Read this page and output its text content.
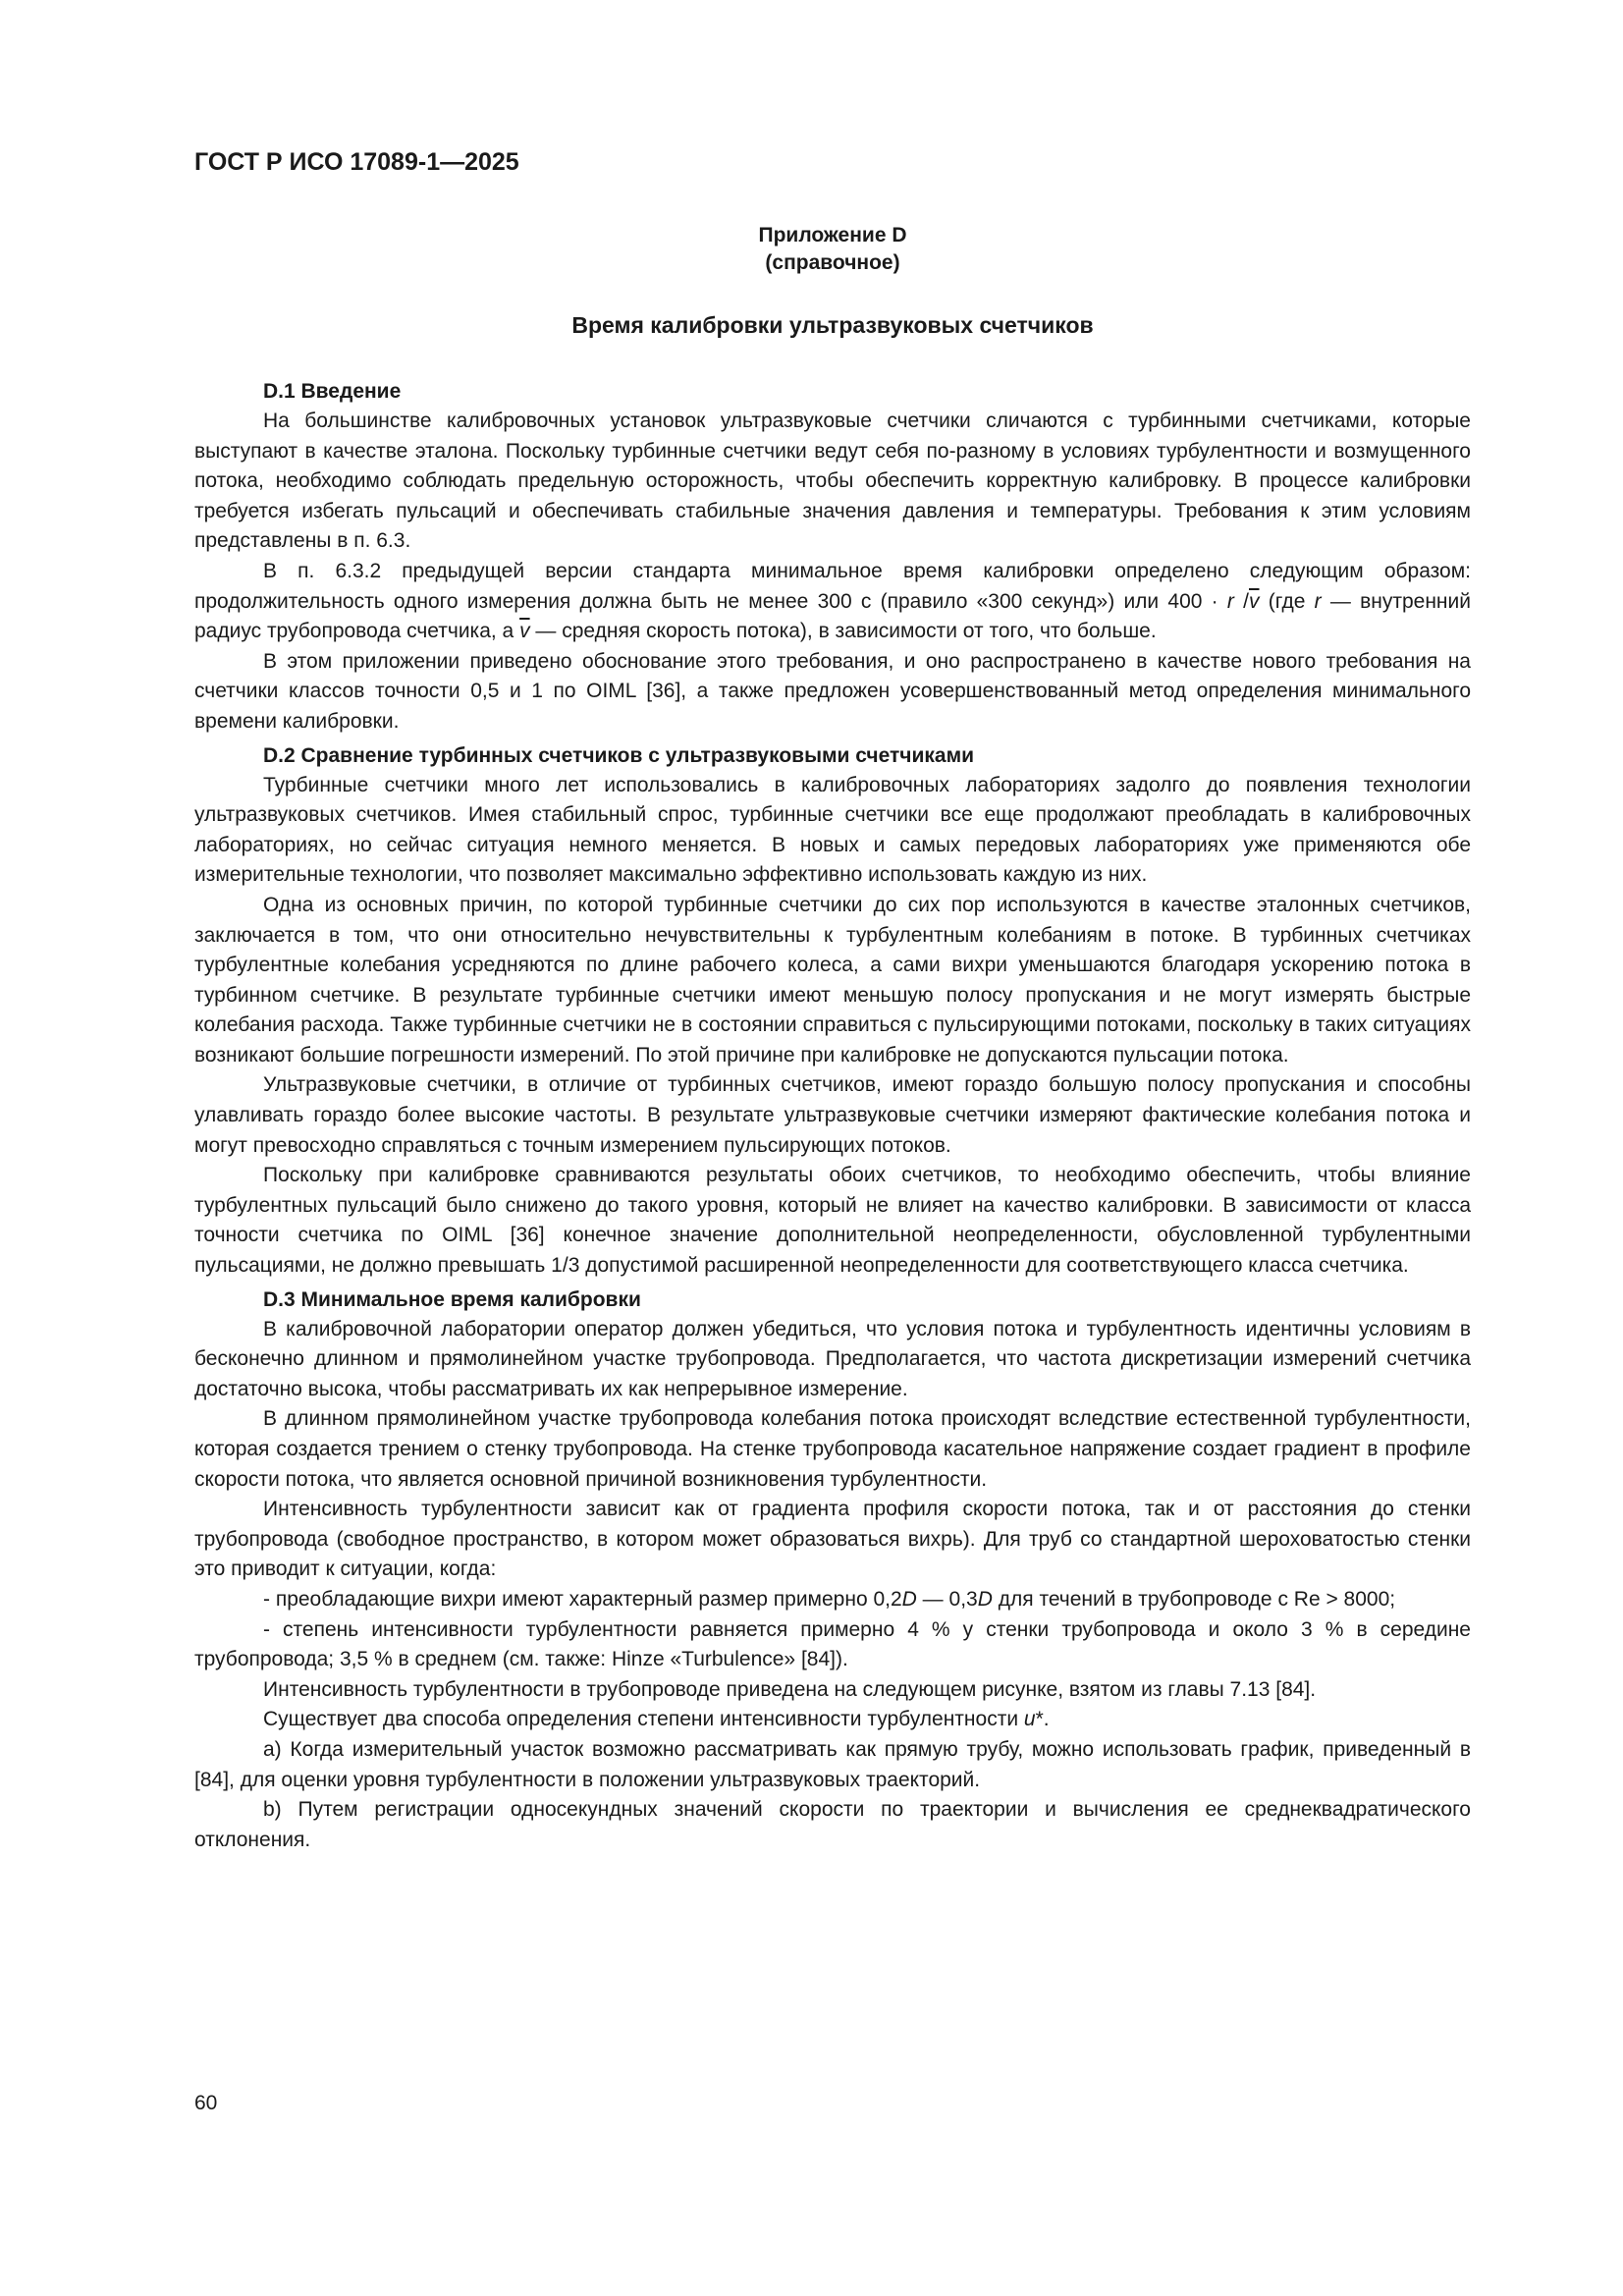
ГОСТ Р ИСО 17089-1—2025
Приложение D
(справочное)
Время калибровки ультразвуковых счетчиков
D.1 Введение

На большинстве калибровочных установок ультразвуковые счетчики сличаются с турбинными счетчиками, которые выступают в качестве эталона. Поскольку турбинные счетчики ведут себя по-разному в условиях турбулентности и возмущенного потока, необходимо соблюдать предельную осторожность, чтобы обеспечить корректную калибровку. В процессе калибровки требуется избегать пульсаций и обеспечивать стабильные значения давления и температуры. Требования к этим условиям представлены в п. 6.3.

В п. 6.3.2 предыдущей версии стандарта минимальное время калибровки определено следующим образом: продолжительность одного измерения должна быть не менее 300 с (правило «300 секунд») или 400 · r $/\overline{v}$ (где r — внутренний радиус трубопровода счетчика, а $\overline{v}$ — средняя скорость потока), в зависимости от того, что больше.

В этом приложении приведено обоснование этого требования, и оно распространено в качестве нового требования на счетчики классов точности 0,5 и 1 по OIML [36], а также предложен усовершенствованный метод определения минимального времени калибровки.

D.2 Сравнение турбинных счетчиков с ультразвуковыми счетчиками

Турбинные счетчики много лет использовались в калибровочных лабораториях задолго до появления технологии ультразвуковых счетчиков. Имея стабильный спрос, турбинные счетчики все еще продолжают преобладать в калибровочных лабораториях, но сейчас ситуация немного меняется. В новых и самых передовых лабораториях уже применяются обе измерительные технологии, что позволяет максимально эффективно использовать каждую из них.

Одна из основных причин, по которой турбинные счетчики до сих пор используются в качестве эталонных счетчиков, заключается в том, что они относительно нечувствительны к турбулентным колебаниям в потоке. В турбинных счетчиках турбулентные колебания усредняются по длине рабочего колеса, а сами вихри уменьшаются благодаря ускорению потока в турбинном счетчике. В результате турбинные счетчики имеют меньшую полосу пропускания и не могут измерять быстрые колебания расхода. Также турбинные счетчики не в состоянии справиться с пульсирующими потоками, поскольку в таких ситуациях возникают большие погрешности измерений. По этой причине при калибровке не допускаются пульсации потока.

Ультразвуковые счетчики, в отличие от турбинных счетчиков, имеют гораздо большую полосу пропускания и способны улавливать гораздо более высокие частоты. В результате ультразвуковые счетчики измеряют фактические колебания потока и могут превосходно справляться с точным измерением пульсирующих потоков.

Поскольку при калибровке сравниваются результаты обоих счетчиков, то необходимо обеспечить, чтобы влияние турбулентных пульсаций было снижено до такого уровня, который не влияет на качество калибровки. В зависимости от класса точности счетчика по OIML [36] конечное значение дополнительной неопределенности, обусловленной турбулентными пульсациями, не должно превышать 1/3 допустимой расширенной неопределенности для соответствующего класса счетчика.

D.3 Минимальное время калибровки

В калибровочной лаборатории оператор должен убедиться, что условия потока и турбулентность идентичны условиям в бесконечно длинном и прямолинейном участке трубопровода. Предполагается, что частота дискретизации измерений счетчика достаточно высока, чтобы рассматривать их как непрерывное измерение.

В длинном прямолинейном участке трубопровода колебания потока происходят вследствие естественной турбулентности, которая создается трением о стенку трубопровода. На стенке трубопровода касательное напряжение создает градиент в профиле скорости потока, что является основной причиной возникновения турбулентности.

Интенсивность турбулентности зависит как от градиента профиля скорости потока, так и от расстояния до стенки трубопровода (свободное пространство, в котором может образоваться вихрь). Для труб со стандартной шероховатостью стенки это приводит к ситуации, когда:

- преобладающие вихри имеют характерный размер примерно 0,2D — 0,3D для течений в трубопроводе с Re > 8000;

- степень интенсивности турбулентности равняется примерно 4 % у стенки трубопровода и около 3 % в середине трубопровода; 3,5 % в среднем (см. также: Hinze «Turbulence» [84]).

Интенсивность турбулентности в трубопроводе приведена на следующем рисунке, взятом из главы 7.13 [84].

Существует два способа определения степени интенсивности турбулентности u*.

a) Когда измерительный участок возможно рассматривать как прямую трубу, можно использовать график, приведенный в [84], для оценки уровня турбулентности в положении ультразвуковых траекторий.

b) Путем регистрации односекундных значений скорости по траектории и вычисления ее среднеквадратического отклонения.

60
